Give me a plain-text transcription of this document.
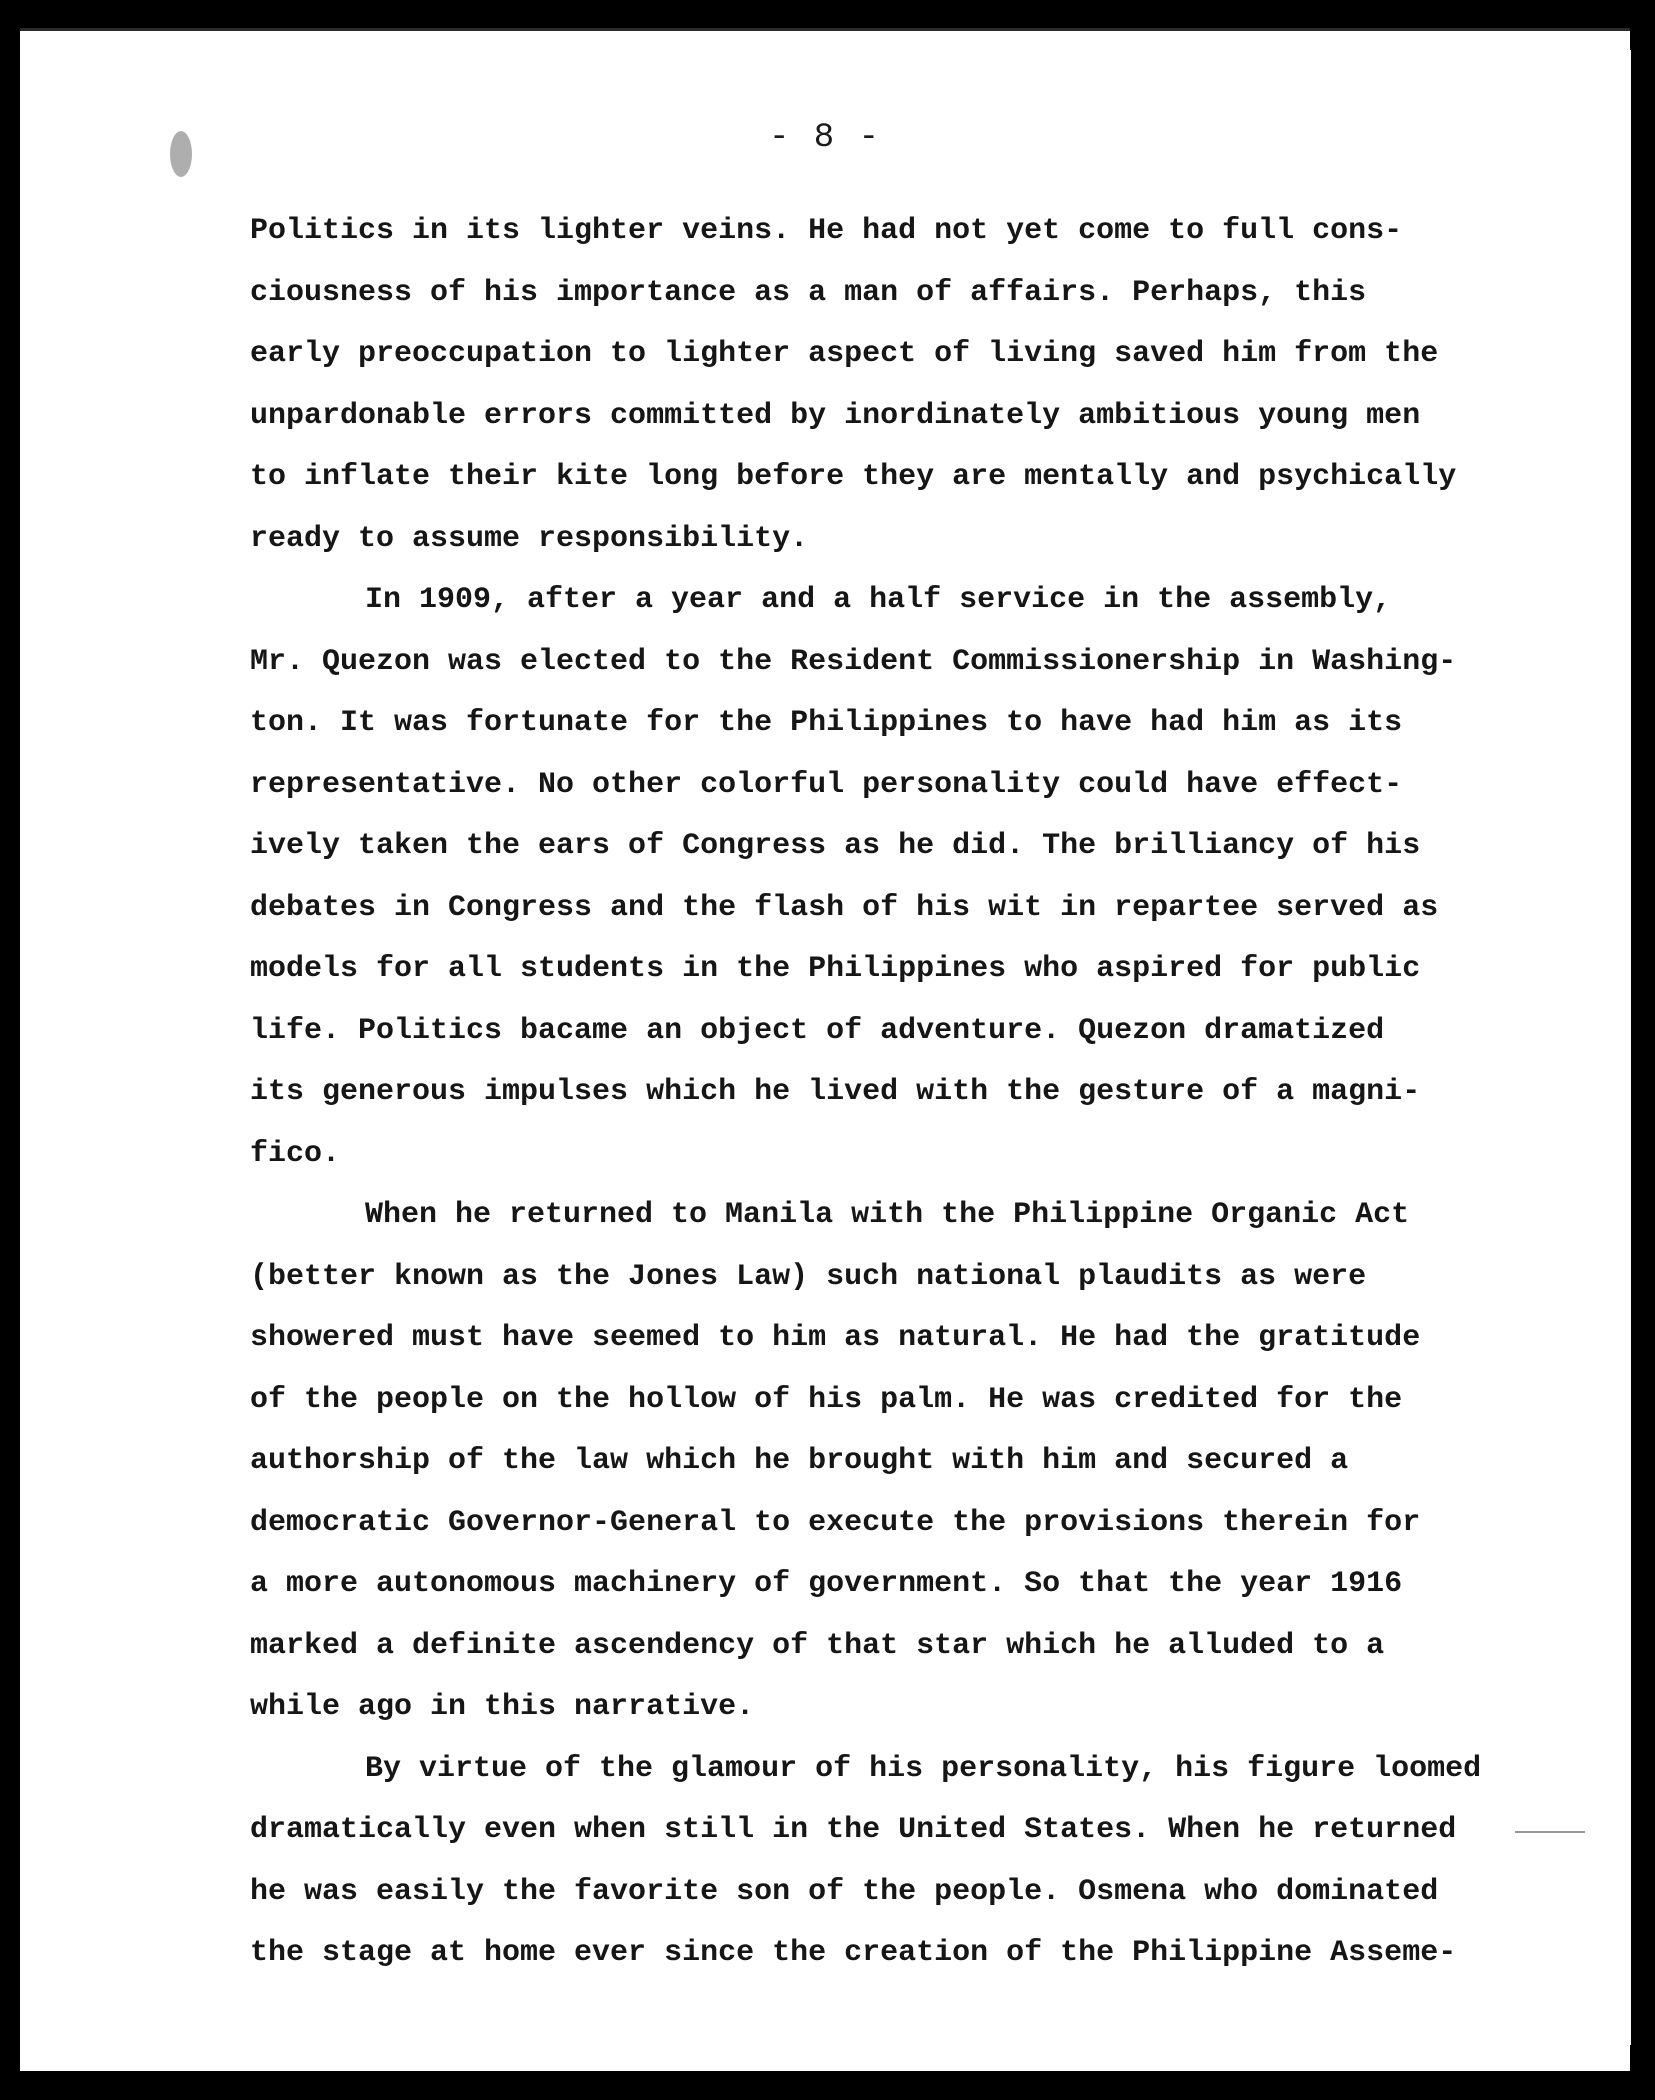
- 8 -
Politics in its lighter veins. He had not yet come to full cons-
ciousness of his importance as a man of affairs. Perhaps, this
early preoccupation to lighter aspect of living saved him from the
unpardonable errors committed by inordinately ambitious young men
to inflate their kite long before they are mentally and psychically
ready to assume responsibility.
In 1909, after a year and a half service in the assembly,
Mr. Quezon was elected to the Resident Commissionership in Washing-
ton. It was fortunate for the Philippines to have had him as its
representative. No other colorful personality could have effect-
ively taken the ears of Congress as he did. The brilliancy of his
debates in Congress and the flash of his wit in repartee served as
models for all students in the Philippines who aspired for public
life. Politics bacame an object of adventure. Quezon dramatized
its generous impulses which he lived with the gesture of a magni-
fico.
When he returned to Manila with the Philippine Organic Act
(better known as the Jones Law) such national plaudits as were
showered must have seemed to him as natural. He had the gratitude
of the people on the hollow of his palm. He was credited for the
authorship of the law which he brought with him and secured a
democratic Governor-General to execute the provisions therein for
a more autonomous machinery of government. So that the year 1916
marked a definite ascendency of that star which he alluded to a
while ago in this narrative.
By virtue of the glamour of his personality, his figure loomed
dramatically even when still in the United States. When he returned
he was easily the favorite son of the people. Osmena who dominated
the stage at home ever since the creation of the Philippine Asseme-
